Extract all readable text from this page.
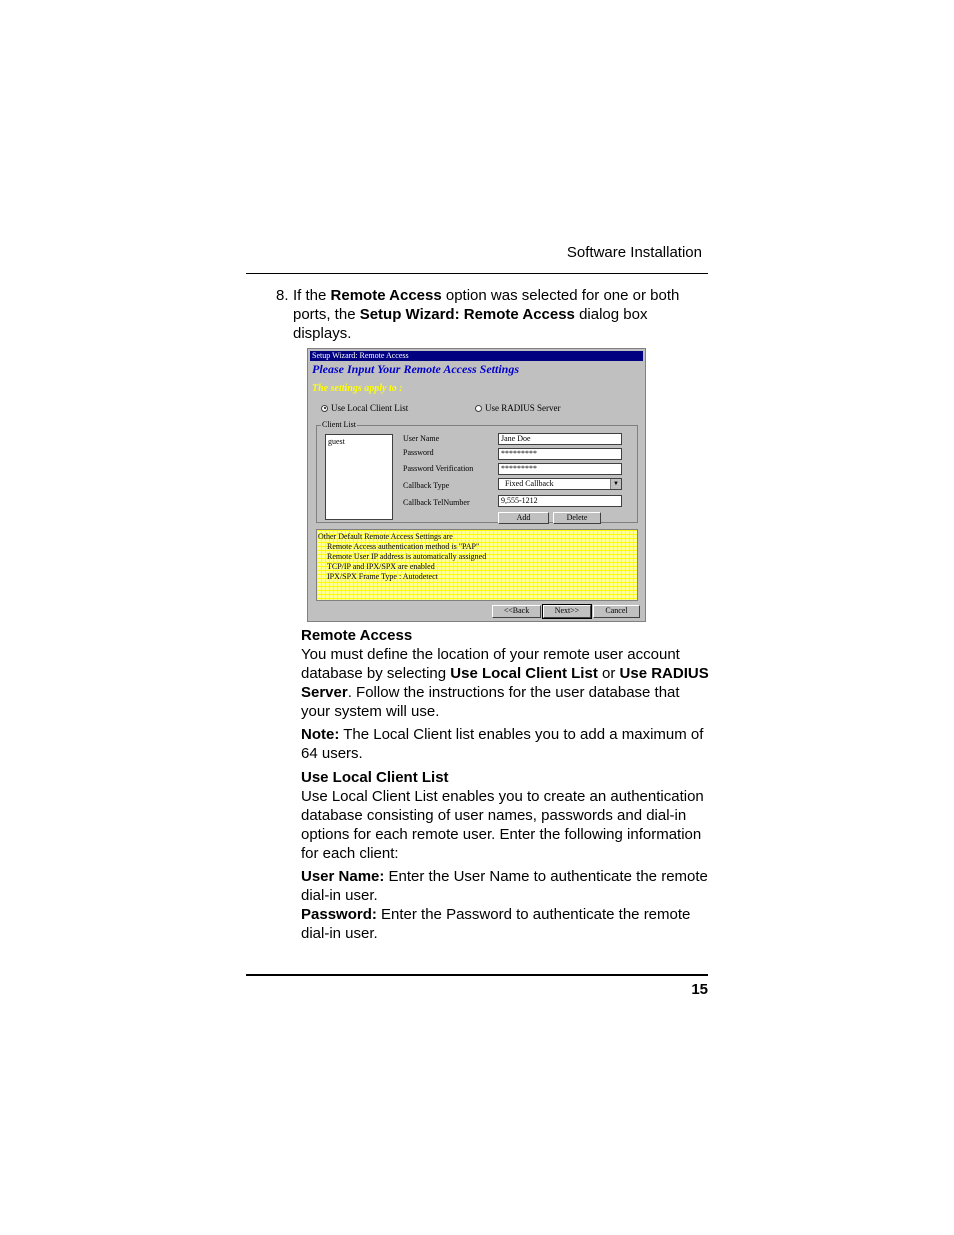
Software Installation
8. If the Remote Access option was selected for one or both ports, the Setup Wizard: Remote Access dialog box displays.
Setup Wizard: Remote Access
Please Input Your Remote Access Settings
The settings apply to :
Use Local Client List	Use RADIUS Server
Client List
guest	User Name	Jane Doe
Password	*********
Password Verification	*********
Callback Type	Fixed Callback	▼
Callback TelNumber	9,555-1212
Add	Delete
Other Default Remote Access Settings are
Remote Access authentication method is "PAP"
Remote User IP address is automatically assigned
TCP/IP and IPX/SPX are enabled
IPX/SPX Frame Type : Autodetect
<<Back	Next>>	Cancel
Remote Access
You must define the location of your remote user account database by selecting Use Local Client List or Use RADIUS Server. Follow the instructions for the user database that your system will use.
Note: The Local Client list enables you to add a maximum of 64 users.
Use Local Client List
Use Local Client List enables you to create an authentication database consisting of user names, passwords and dial-in options for each remote user. Enter the following information for each client:
User Name: Enter the User Name to authenticate the remote dial-in user.
Password: Enter the Password to authenticate the remote dial-in user.
15
